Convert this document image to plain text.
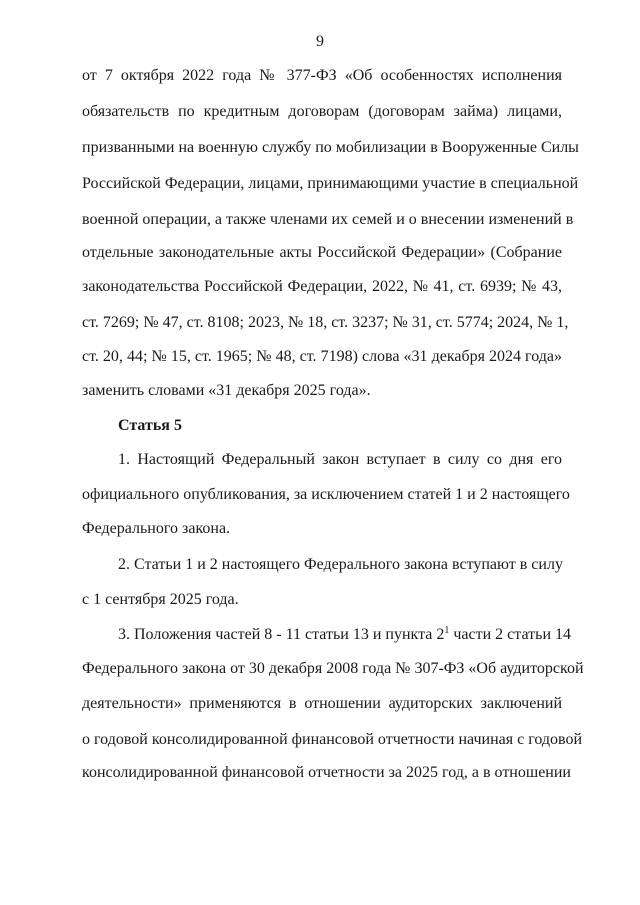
9
от 7 октября 2022 года № 377-ФЗ «Об особенностях исполнения
обязательств по кредитным договорам (договорам займа) лицами,
призванными на военную службу по мобилизации в Вооруженные Силы
Российской Федерации, лицами, принимающими участие в специальной
военной операции, а также членами их семей и о внесении изменений в
отдельные законодательные акты Российской Федерации» (Собрание
законодательства Российской Федерации, 2022, № 41, ст. 6939; № 43,
ст. 7269; № 47, ст. 8108; 2023, № 18, ст. 3237; № 31, ст. 5774; 2024, № 1,
ст. 20, 44; № 15, ст. 1965; № 48, ст. 7198) слова «31 декабря 2024 года»
заменить словами «31 декабря 2025 года».
Статья 5
1. Настоящий Федеральный закон вступает в силу со дня его
официального опубликования, за исключением статей 1 и 2 настоящего
Федерального закона.
2. Статьи 1 и 2 настоящего Федерального закона вступают в силу
с 1 сентября 2025 года.
3. Положения частей 8 - 11 статьи 13 и пункта $2^1$ части 2 статьи 14
Федерального закона от 30 декабря 2008 года № 307-ФЗ «Об аудиторской
деятельности» применяются в отношении аудиторских заключений
о годовой консолидированной финансовой отчетности начиная с годовой
консолидированной финансовой отчетности за 2025 год, а в отношении
